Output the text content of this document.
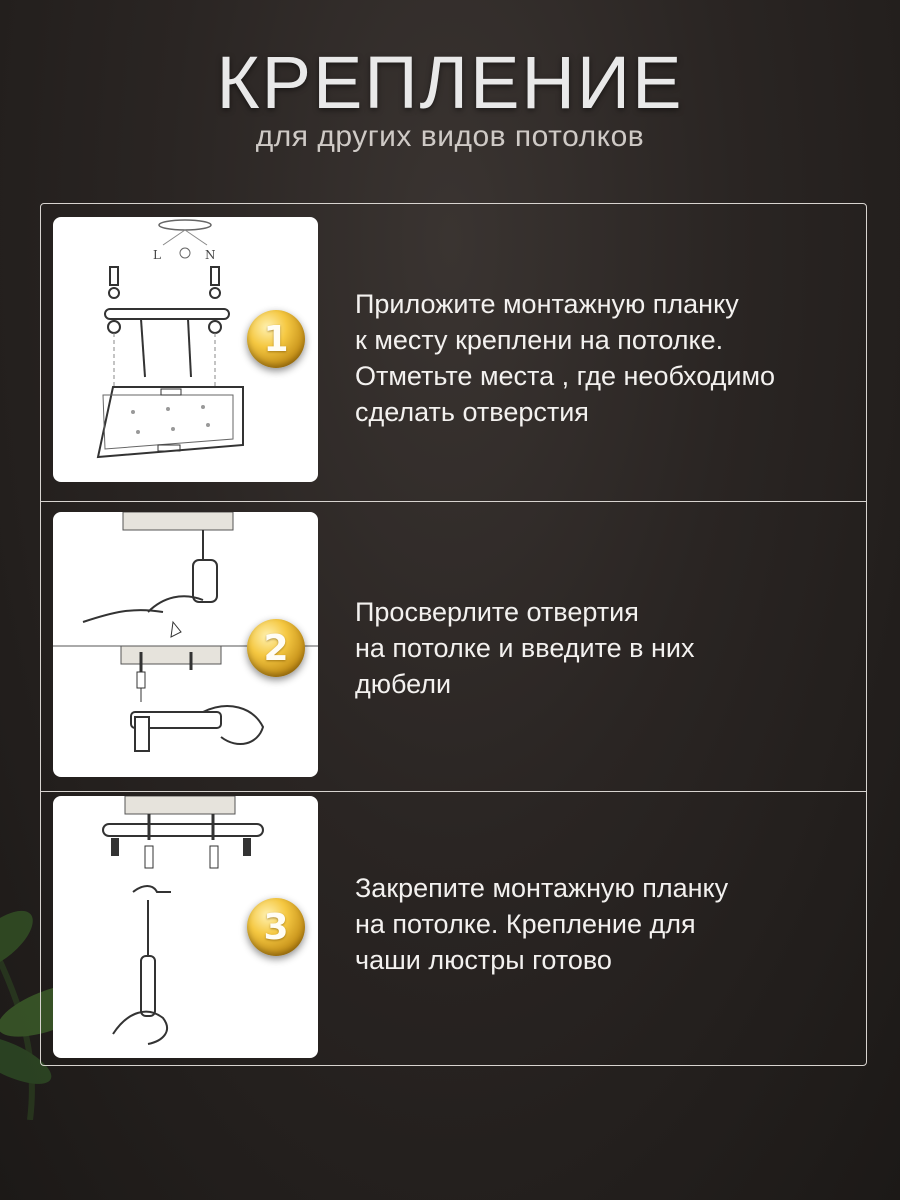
КРЕПЛЕНИЕ
для других видов потолков
L	N
1
Приложите монтажную планку
к месту креплени на потолке.
Отметьте места , где необходимо
сделать отверстия
2
Просверлите отвертия
на потолке и введите в них
дюбели
3
Закрепите монтажную планку
на потолке. Крепление для
чаши люстры готово
